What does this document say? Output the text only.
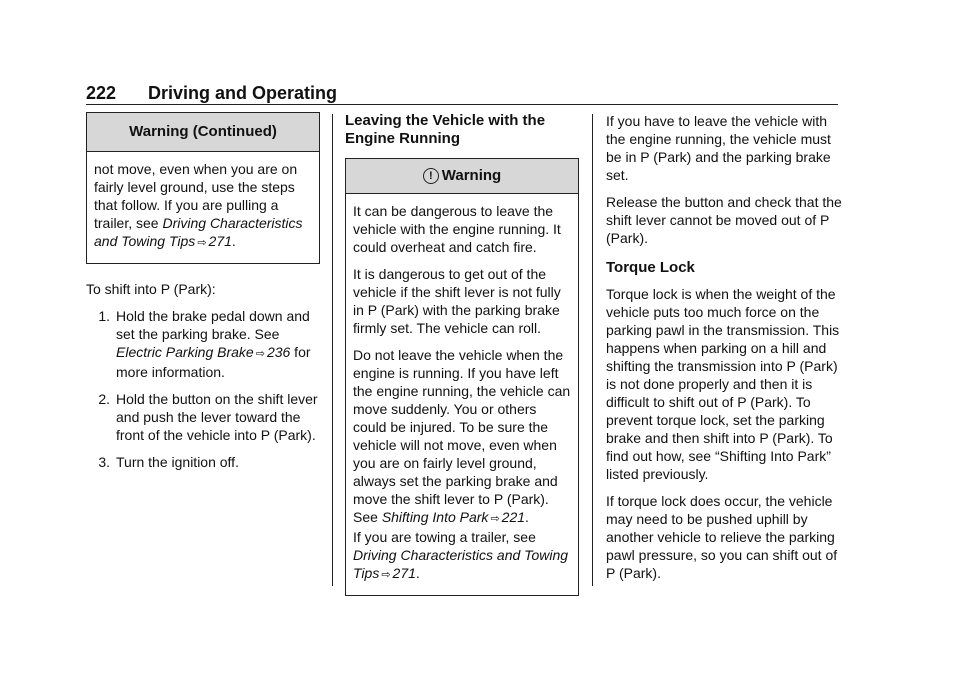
222 Driving and Operating
Warning (Continued)

not move, even when you are on fairly level ground, use the steps that follow. If you are pulling a trailer, see Driving Characteristics and Towing Tips ⇨ 271.

To shift into P (Park):

1. Hold the brake pedal down and set the parking brake. See Electric Parking Brake ⇨ 236 for more information.
2. Hold the button on the shift lever and push the lever toward the front of the vehicle into P (Park).
3. Turn the ignition off.
Leaving the Vehicle with the Engine Running
! Warning

It can be dangerous to leave the vehicle with the engine running. It could overheat and catch fire.

It is dangerous to get out of the vehicle if the shift lever is not fully in P (Park) with the parking brake firmly set. The vehicle can roll.

Do not leave the vehicle when the engine is running. If you have left the engine running, the vehicle can move suddenly. You or others could be injured. To be sure the vehicle will not move, even when you are on fairly level ground, always set the parking brake and move the shift lever to P (Park). See Shifting Into Park ⇨ 221.
If you are towing a trailer, see Driving Characteristics and Towing Tips ⇨ 271.

If you have to leave the vehicle with the engine running, the vehicle must be in P (Park) and the parking brake set.

Release the button and check that the shift lever cannot be moved out of P (Park).

Torque Lock

Torque lock is when the weight of the vehicle puts too much force on the parking pawl in the transmission. This happens when parking on a hill and shifting the transmission into P (Park) is not done properly and then it is difficult to shift out of P (Park). To prevent torque lock, set the parking brake and then shift into P (Park). To find out how, see “Shifting Into Park” listed previously.

If torque lock does occur, the vehicle may need to be pushed uphill by another vehicle to relieve the parking pawl pressure, so you can shift out of P (Park).
